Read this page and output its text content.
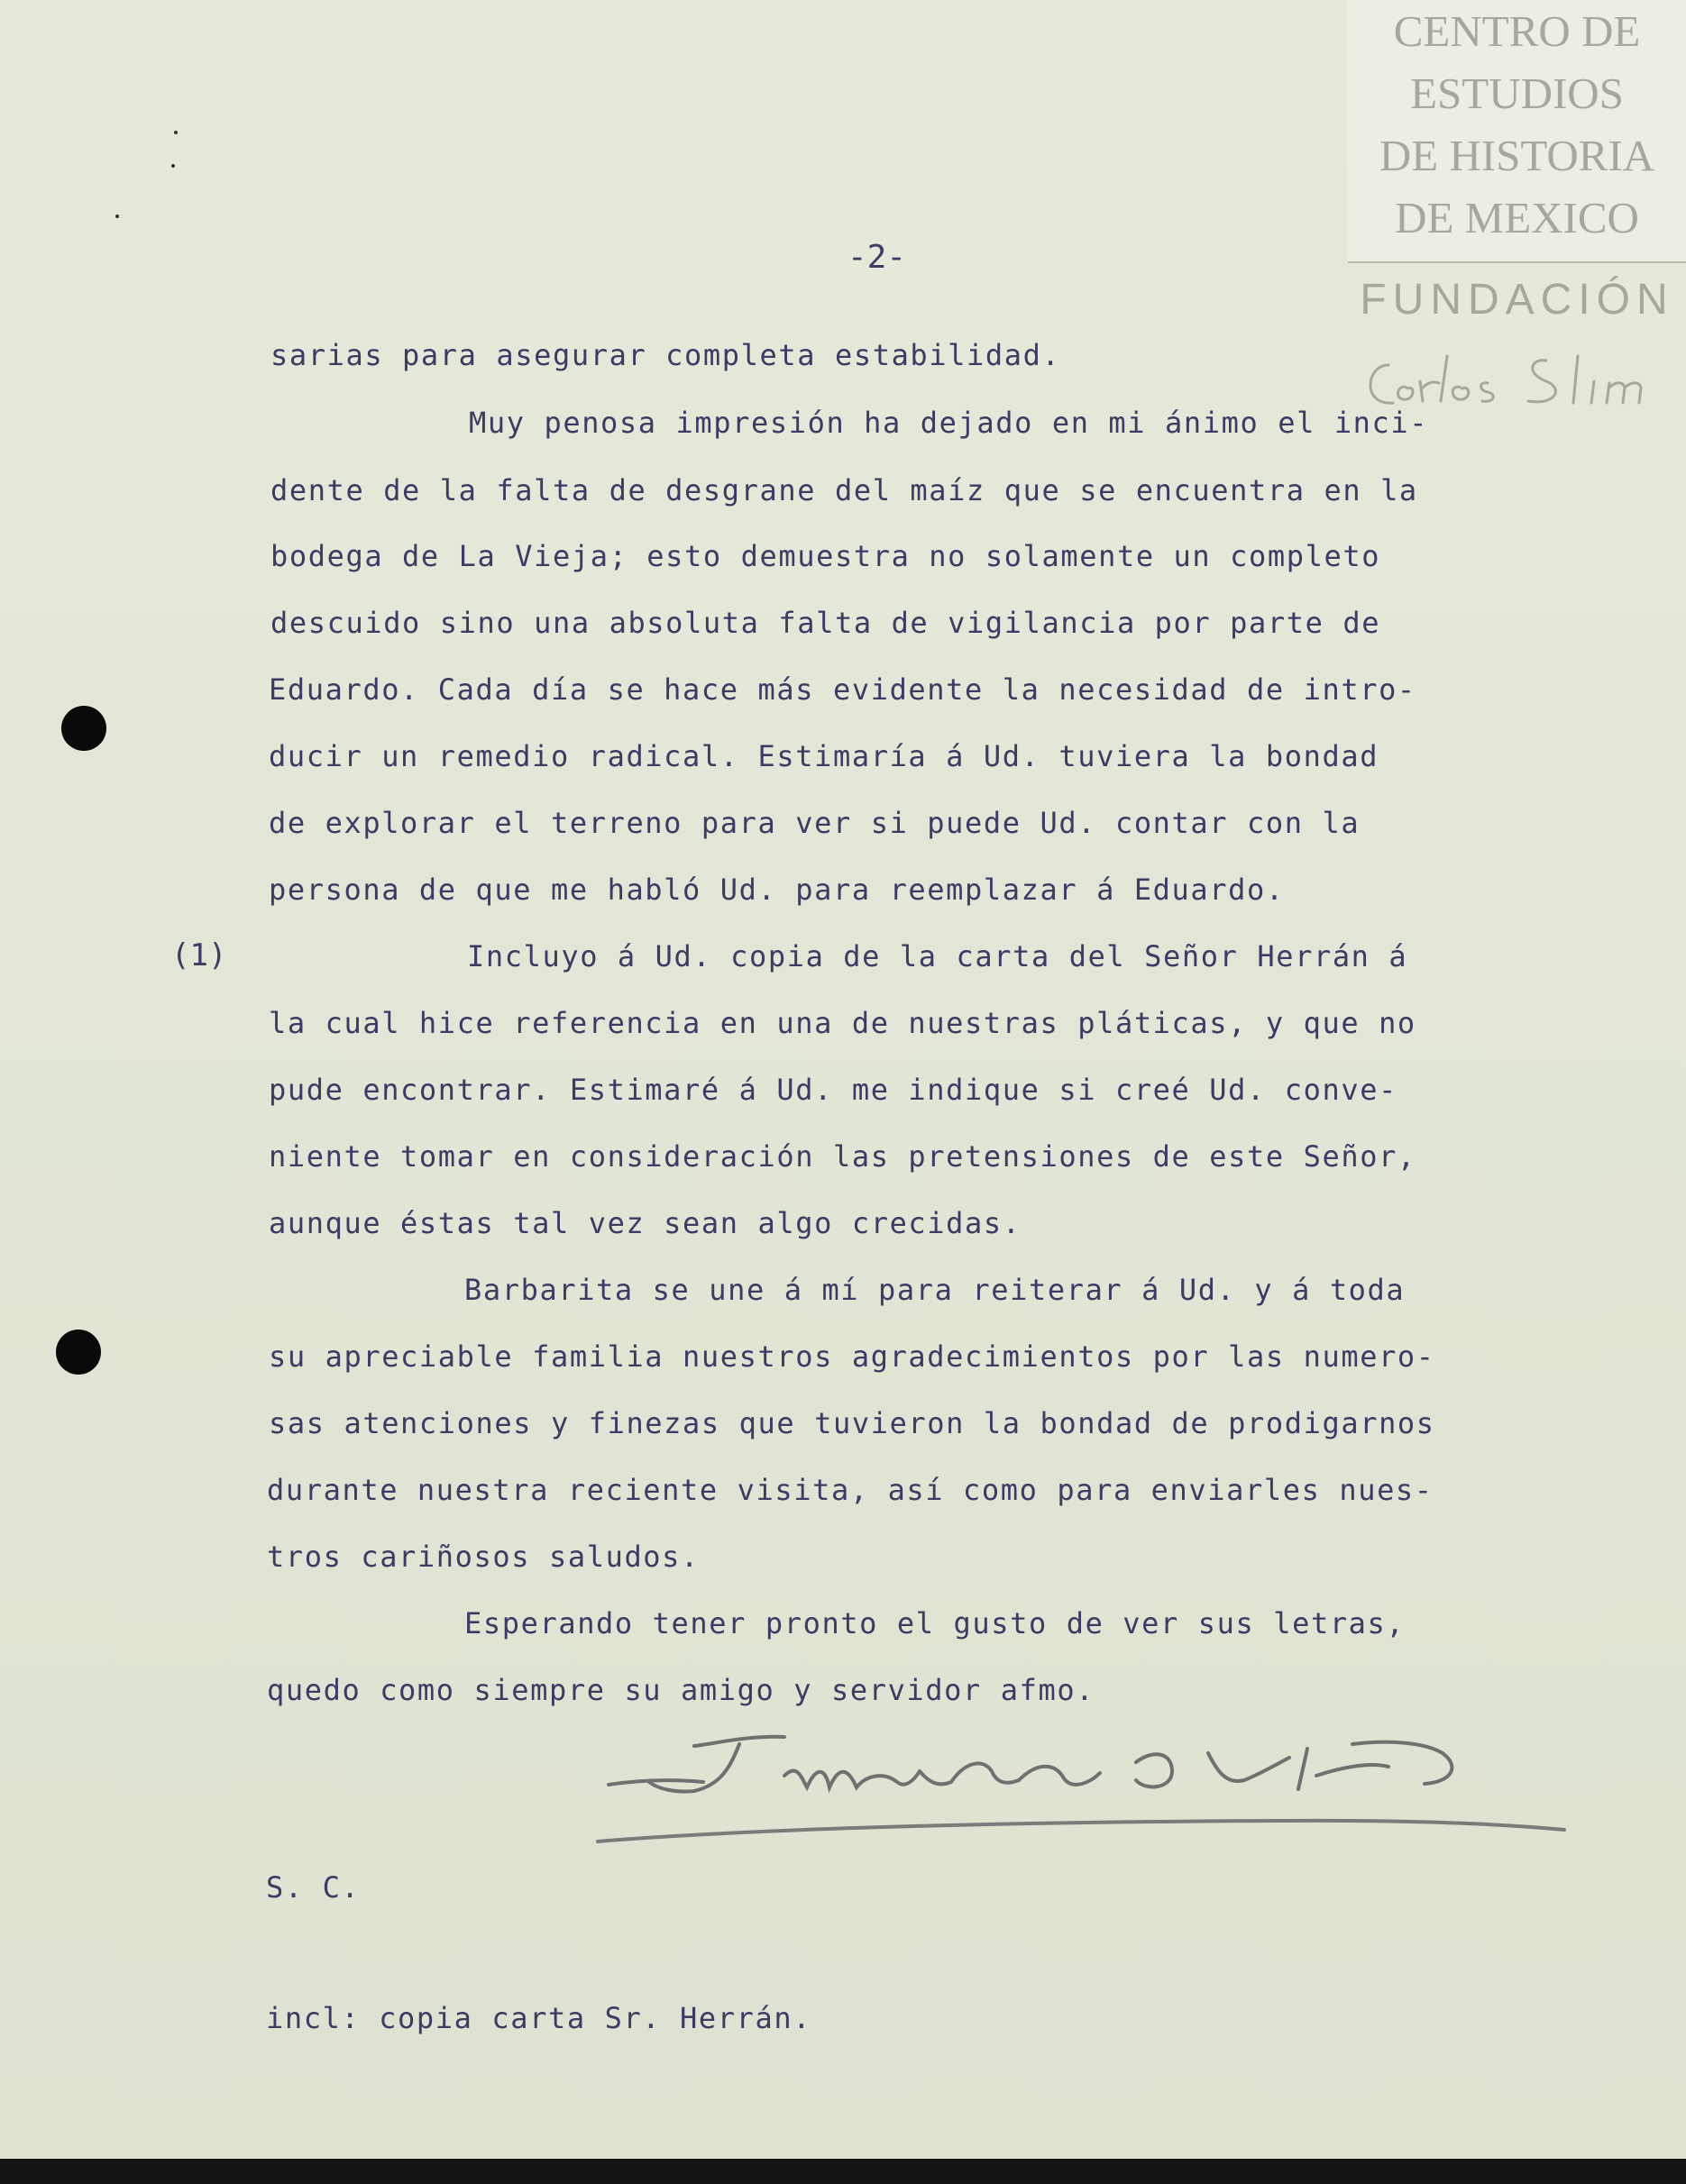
CENTRO DE
ESTUDIOS
DE HISTORIA
DE MEXICO
FUNDACIÓN
-2-
sarias para asegurar completa estabilidad.
Muy penosa impresión ha dejado en mi ánimo el inci-
dente de la falta de desgrane del maíz que se encuentra en la
bodega de La Vieja; esto demuestra no solamente un completo
descuido sino una absoluta falta de vigilancia por parte de
Eduardo. Cada día se hace más evidente la necesidad de intro-
ducir un remedio radical. Estimaría á Ud. tuviera la bondad
de explorar el terreno para ver si puede Ud. contar con la
persona de que me habló Ud. para reemplazar á Eduardo.
(1)	Incluyo á Ud. copia de la carta del Señor Herrán á
la cual hice referencia en una de nuestras pláticas, y que no
pude encontrar. Estimaré á Ud. me indique si creé Ud. conve-
niente tomar en consideración las pretensiones de este Señor,
aunque éstas tal vez sean algo crecidas.
Barbarita se une á mí para reiterar á Ud. y á toda
su apreciable familia nuestros agradecimientos por las numero-
sas atenciones y finezas que tuvieron la bondad de prodigarnos
durante nuestra reciente visita, así como para enviarles nues-
tros cariñosos saludos.
Esperando tener pronto el gusto de ver sus letras,
quedo como siempre su amigo y servidor afmo.
S. C.
incl: copia carta Sr. Herrán.
